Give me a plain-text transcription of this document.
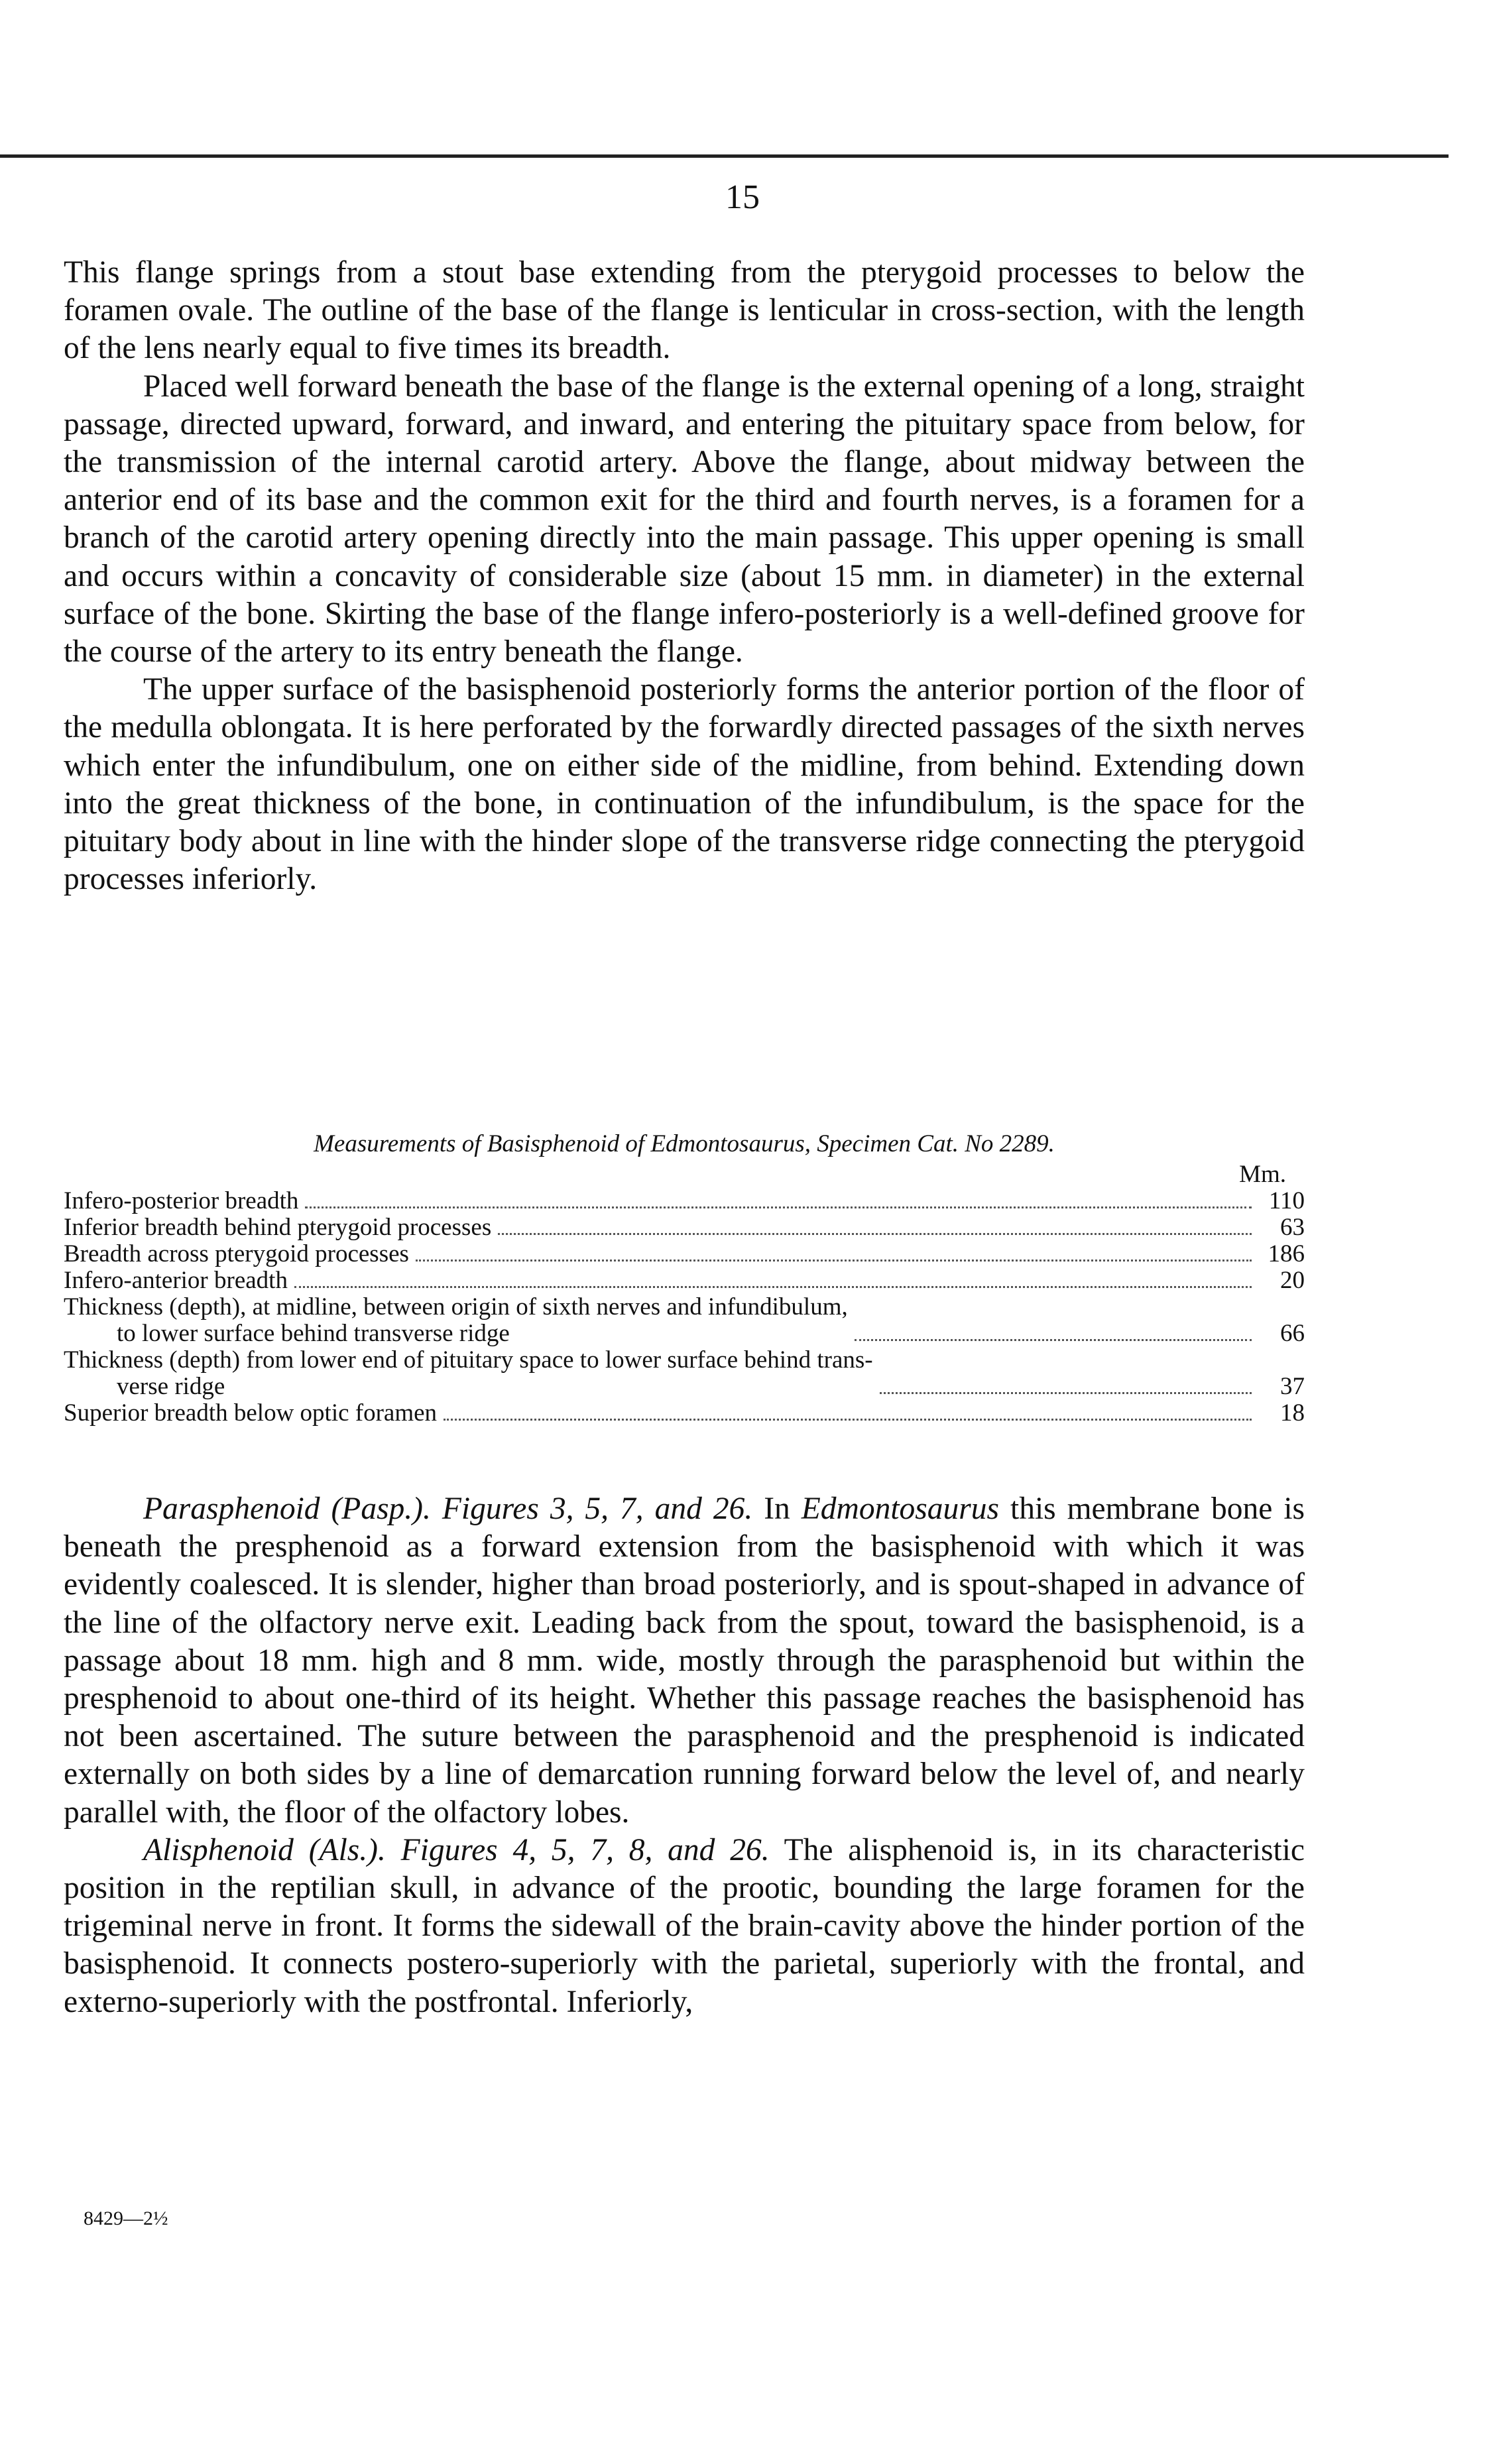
15

This flange springs from a stout base extending from the pterygoid processes to below the foramen ovale. The outline of the base of the flange is lenticular in cross-section, with the length of the lens nearly equal to five times its breadth.

Placed well forward beneath the base of the flange is the external opening of a long, straight passage, directed upward, forward, and inward, and entering the pituitary space from below, for the transmission of the internal carotid artery. Above the flange, about midway between the anterior end of its base and the common exit for the third and fourth nerves, is a foramen for a branch of the carotid artery opening directly into the main passage. This upper opening is small and occurs within a concavity of considerable size (about 15 mm. in diameter) in the external surface of the bone. Skirting the base of the flange infero-posteriorly is a well-defined groove for the course of the artery to its entry beneath the flange.

The upper surface of the basisphenoid posteriorly forms the anterior portion of the floor of the medulla oblongata. It is here perforated by the forwardly directed passages of the sixth nerves which enter the infundibulum, one on either side of the midline, from behind. Extending down into the great thickness of the bone, in continuation of the infundibulum, is the space for the pituitary body about in line with the hinder slope of the transverse ridge connecting the pterygoid processes inferiorly.

Measurements of Basisphenoid of Edmontosaurus, Specimen Cat. No 2289.

Mm.

Infero-posterior breadth	110
Inferior breadth behind pterygoid processes	63
Breadth across pterygoid processes	186
Infero-anterior breadth	20
Thickness (depth), at midline, between origin of sixth nerves and infundibulum,
to lower surface behind transverse ridge	66
Thickness (depth) from lower end of pituitary space to lower surface behind trans-
verse ridge	37
Superior breadth below optic foramen	18

Parasphenoid (Pasp.). Figures 3, 5, 7, and 26. In Edmontosaurus this membrane bone is beneath the presphenoid as a forward extension from the basisphenoid with which it was evidently coalesced. It is slender, higher than broad posteriorly, and is spout-shaped in advance of the line of the olfactory nerve exit. Leading back from the spout, toward the basisphenoid, is a passage about 18 mm. high and 8 mm. wide, mostly through the parasphenoid but within the presphenoid to about one-third of its height. Whether this passage reaches the basisphenoid has not been ascertained. The suture between the parasphenoid and the presphenoid is indicated externally on both sides by a line of demarcation running forward below the level of, and nearly parallel with, the floor of the olfactory lobes.

Alisphenoid (Als.). Figures 4, 5, 7, 8, and 26. The alisphenoid is, in its characteristic position in the reptilian skull, in advance of the prootic, bounding the large foramen for the trigeminal nerve in front. It forms the sidewall of the brain-cavity above the hinder portion of the basisphenoid. It connects postero-superiorly with the parietal, superiorly with the frontal, and externo-superiorly with the postfrontal. Inferiorly,

8429—2½
